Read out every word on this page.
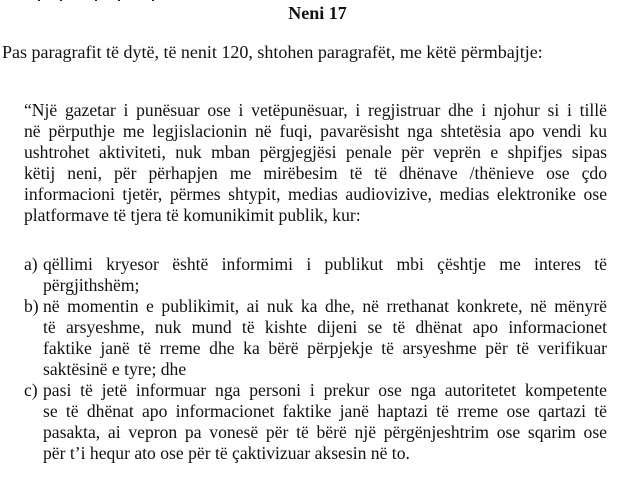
Neni 17

Pas paragrafit të dytë, të nenit 120, shtohen paragrafët, me këtë përmbajtje:

“Një gazetar i punësuar ose i vetëpunësuar, i regjistruar dhe i njohur si i tillë
në përputhje me legjislacionin në fuqi, pavarësisht nga shtetësia apo vendi ku
ushtrohet aktiviteti, nuk mban përgjegjësi penale për veprën e shpifjes sipas
këtij neni, për përhapjen me mirëbesim të të dhënave /thënieve ose çdo
informacioni tjetër, përmes shtypit, medias audiovizive, medias elektronike ose
platformave të tjera të komunikimit publik, kur:
a) qëllimi kryesor është informimi i publikut mbi çështje me interes të
përgjithshëm;
b) në momentin e publikimit, ai nuk ka dhe, në rrethanat konkrete, në mënyrë
të arsyeshme, nuk mund të kishte dijeni se të dhënat apo informacionet
faktike janë të rreme dhe ka bërë përpjekje të arsyeshme për të verifikuar
saktësinë e tyre; dhe
c) pasi të jetë informuar nga personi i prekur ose nga autoritetet kompetente
se të dhënat apo informacionet faktike janë haptazi të rreme ose qartazi të
pasakta, ai vepron pa vonesë për të bërë një përgënjeshtrim ose sqarim ose
për t’i hequr ato ose për të çaktivizuar aksesin në to.
